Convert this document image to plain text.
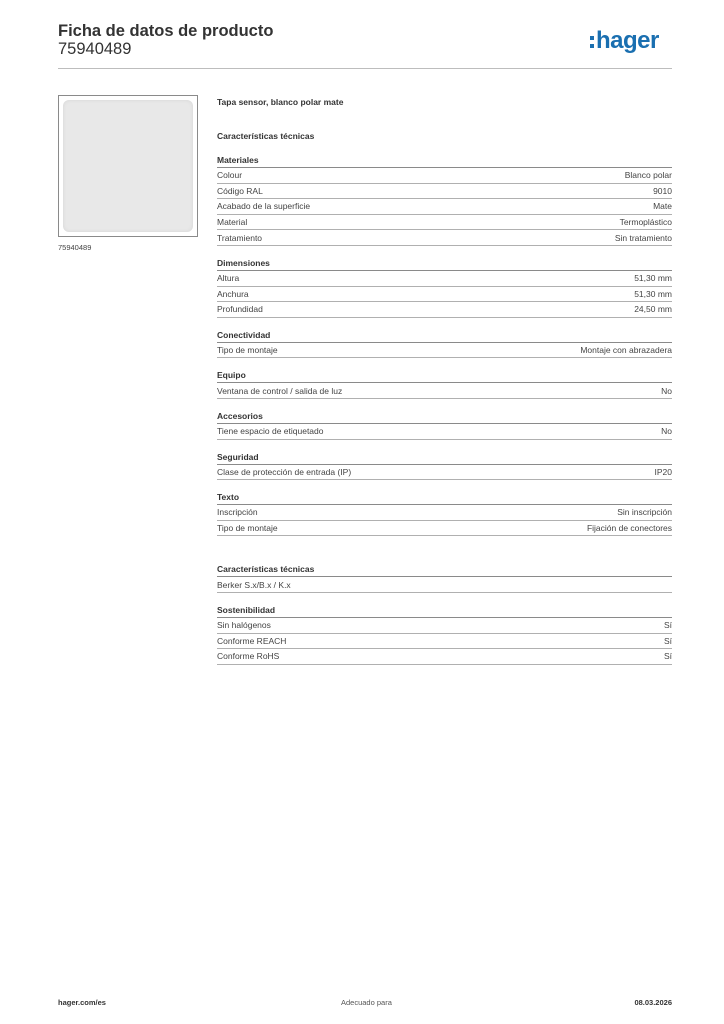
Ficha de datos de producto
75940489	hager
75940489
Tapa sensor, blanco polar mate
Características técnicas
Materiales
Colour	Blanco polar
Código RAL	9010
Acabado de la superficie	Mate
Material	Termoplástico
Tratamiento	Sin tratamiento
Dimensiones
Altura	51,30 mm
Anchura	51,30 mm
Profundidad	24,50 mm
Conectividad
Tipo de montaje	Montaje con abrazadera
Equipo
Ventana de control / salida de luz	No
Accesorios
Tiene espacio de etiquetado	No
Seguridad
Clase de protección de entrada (IP)	IP20
Texto
Inscripción	Sin inscripción
Tipo de montaje	Fijación de conectores
Características técnicas
Berker S.x/B.x / K.x
Sostenibilidad
Sin halógenos	Sí
Conforme REACH	Sí
Conforme RoHS	Sí
hager.com/es	Adecuado para	08.03.2026
